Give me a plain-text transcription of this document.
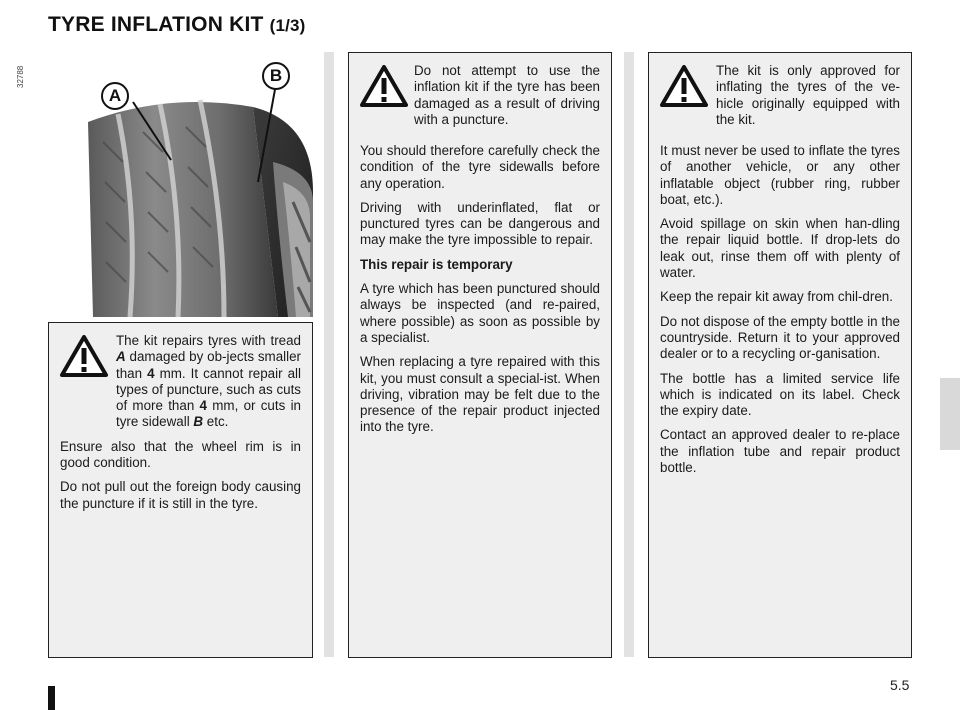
TYRE INFLATION KIT (1/3)
32788
A
B

The kit repairs tyres with tread A damaged by ob-jects smaller than 4 mm. It cannot repair all types of puncture, such as cuts of more than 4 mm, or cuts in tyre sidewall B etc.

Ensure also that the wheel rim is in good condition.

Do not pull out the foreign body causing the puncture if it is still in the tyre.

Do not attempt to use the inflation kit if the tyre has been damaged as a result of driving with a puncture.

You should therefore carefully check the condition of the tyre sidewalls before any operation.

Driving with underinflated, flat or punctured tyres can be dangerous and may make the tyre impossible to repair.

This repair is temporary

A tyre which has been punctured should always be inspected (and re-paired, where possible) as soon as possible by a specialist.

When replacing a tyre repaired with this kit, you must consult a special-ist. When driving, vibration may be felt due to the presence of the repair product injected into the tyre.

The kit is only approved for inflating the tyres of the ve-hicle originally equipped with the kit.

It must never be used to inflate the tyres of another vehicle, or any other inflatable object (rubber ring, rubber boat, etc.).

Avoid spillage on skin when han-dling the repair liquid bottle. If drop-lets do leak out, rinse them off with plenty of water.

Keep the repair kit away from chil-dren.

Do not dispose of the empty bottle in the countryside. Return it to your approved dealer or to a recycling or-ganisation.

The bottle has a limited service life which is indicated on its label. Check the expiry date.

Contact an approved dealer to re-place the inflation tube and repair product bottle.

5.5
